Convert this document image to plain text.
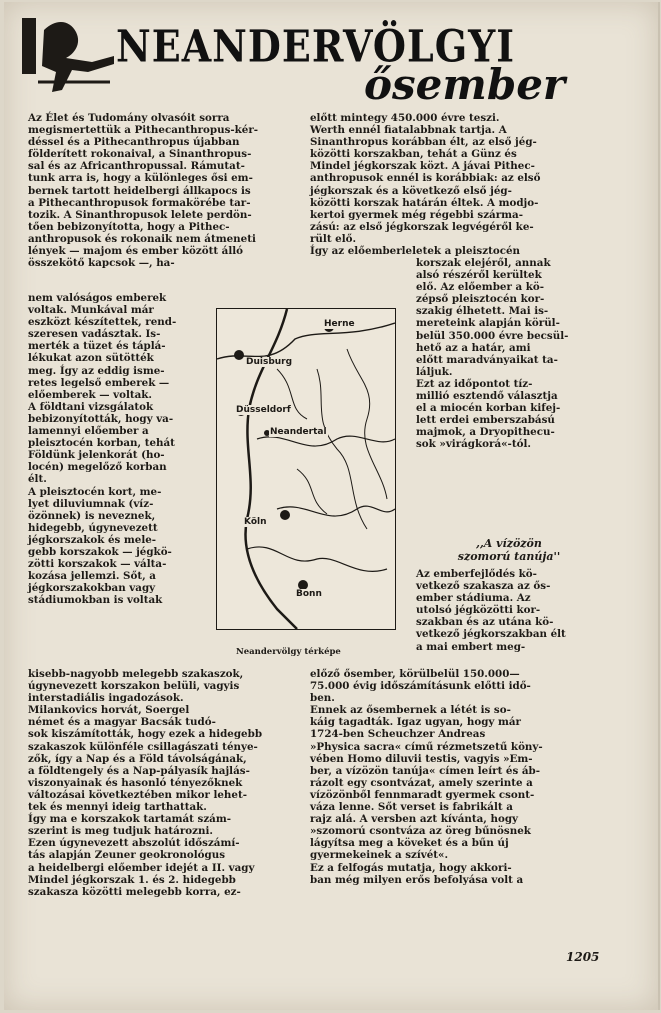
NEANDERVÖLGYI
ősember
Az Élet és Tudomány olvasóit sorra
megismertettük a Pithecanthropus-kér-
déssel és a Pithecanthropus újabban
földerített rokonaival, a Sinanthropus-
sal és az Africanthropussal. Rámutat-
tunk arra is, hogy a különleges ősi em-
bernek tartott heidelbergi állkapocs is
a Pithecanthropusok formakörébe tar-
tozik. A Sinanthropusok lelete perdön-
tően bebizonyította, hogy a Pithec-
anthropusok és rokonaik nem átmeneti
lények — majom és ember között álló
összekötő kapcsok —, ha-
nem valóságos emberek
voltak. Munkával már
eszközt készítettek, rend-
szeresen vadásztak. Is-
merték a tüzet és táplá-
lékukat azon sütötték
meg. Így az eddig isme-
retes legelső emberek —
előemberek — voltak.
A földtani vizsgálatok
bebizonyították, hogy va-
lamennyi előember a
pleisztocén korban, tehát
Földünk jelenkorát (ho-
locén) megelőző korban
élt.
A pleisztocén kort, me-
lyet diluviumnak (víz-
özönnek) is neveznek,
hidegebb, úgynevezett
jégkorszakok és mele-
gebb korszakok — jégkö-
zötti korszakok — válta-
kozása jellemzi. Sőt, a
jégkorszakokban vagy
stádiumokban is voltak
kisebb-nagyobb melegebb szakaszok,
úgynevezett korszakon belüli, vagyis
interstadiális ingadozások.
Milankovics horvát, Soergel
német és a magyar Bacsák tudó-
sok kiszámították, hogy ezek a hidegebb
szakaszok különféle csillagászati ténye-
zők, így a Nap és a Föld távolságának,
a földtengely és a Nap-pályasík hajlás-
viszonyainak és hasonló tényezőknek
változásai következtében mikor lehet-
tek és mennyi ideig tarthattak.
Így ma e korszakok tartamát szám-
szerint is meg tudjuk határozni.
Ezen úgynevezett abszolút időszámí-
tás alapján Zeuner geokronológus
a heidelbergi előember idejét a II. vagy
Mindel jégkorszak 1. és 2. hidegebb
szakasza közötti melegebb korra, ez-
előtt mintegy 450.000 évre teszi.
Werth ennél fiatalabbnak tartja. A
Sinanthropus korábban élt, az első jég-
közötti korszakban, tehát a Günz és
Mindel jégkorszak közt. A jávai Pithec-
anthropusok ennél is korábbiak: az első
jégkorszak és a következő első jég-
közötti korszak határán éltek. A modjo-
kertoi gyermek még régebbi szárma-
zású: az első jégkorszak legvégéről ke-
rült elő.
Így az előemberleletek a pleisztocén
korszak elejéről, annak
alsó részéről kerültek
elő. Az előember a kö-
zépső pleisztocén kor-
szakig élhetett. Mai is-
mereteink alapján körül-
belül 350.000 évre becsül-
hető az a határ, ami
előtt maradványaikat ta-
láljuk.
Ezt az időpontot tíz-
millió esztendő választja
el a miocén korban kifej-
lett erdei emberszabású
majmok, a Dryopithecu-
sok »virágkorá«-tól.
,,A vízözön
szomorú tanúja''
Az emberfejlődés kö-
vetkező szakasza az ős-
ember stádiuma. Az
utolsó jégközötti kor-
szakban és az utána kö-
vetkező jégkorszakban élt
a mai embert meg-
előző ősember, körülbelül 150.000—
75.000 évig időszámításunk előtti idő-
ben.
Ennek az ősembernek a létét is so-
káig tagadták. Igaz ugyan, hogy már
1724-ben Scheuchzer Andreas
»Physica sacra« című rézmetszetű köny-
vében Homo diluvii testis, vagyis »Em-
ber, a vízözön tanúja« címen leírt és áb-
rázolt egy csontvázat, amely szerinte a
vízözönből fennmaradt gyermek csont-
váza lenne. Sőt verset is fabrikált a
rajz alá. A versben azt kívánta, hogy
»szomorú csontváza az öreg bűnösnek
lágyítsa meg a köveket és a bűn új
gyermekeinek a szívét«.
Ez a felfogás mutatja, hogy akkori-
ban még milyen erős befolyása volt a
Herne
Duisburg
Düsseldorf
Neandertal
Köln
Bonn
Neandervölgy térképe
1205
